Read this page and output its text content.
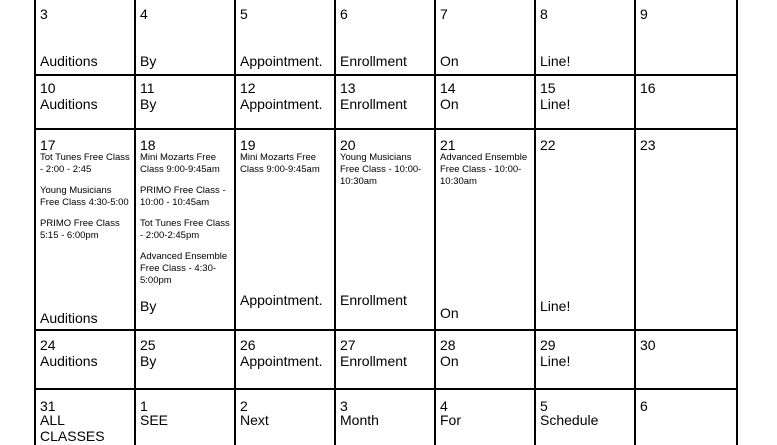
3
Auditions
4
By
5
Appointment.
6
Enrollment
7
On
8
Line!
9
10
Auditions
11
By
12
Appointment.
13
Enrollment
14
On
15
Line!
16
17
Tot Tunes Free Class - 2:00 - 2:45
Young Musicians Free Class 4:30-5:00
PRIMO Free Class 5:15 - 6:00pm
Auditions
18
Mini Mozarts Free Class 9:00-9:45am
PRIMO Free Class - 10:00 - 10:45am
Tot Tunes Free Class - 2:00-2:45pm
Advanced Ensemble Free Class - 4:30-5:00pm
By
19
Mini Mozarts Free Class 9:00-9:45am
Appointment.
20
Young Musicians Free Class - 10:00-10:30am
Enrollment
21
Advanced Ensemble Free Class - 10:00-10:30am
On
22
Line!
23
24
Auditions
25
By
26
Appointment.
27
Enrollment
28
On
29
Line!
30
31
ALL CLASSES
1
SEE
2
Next
3
Month
4
For
5
Schedule
6
